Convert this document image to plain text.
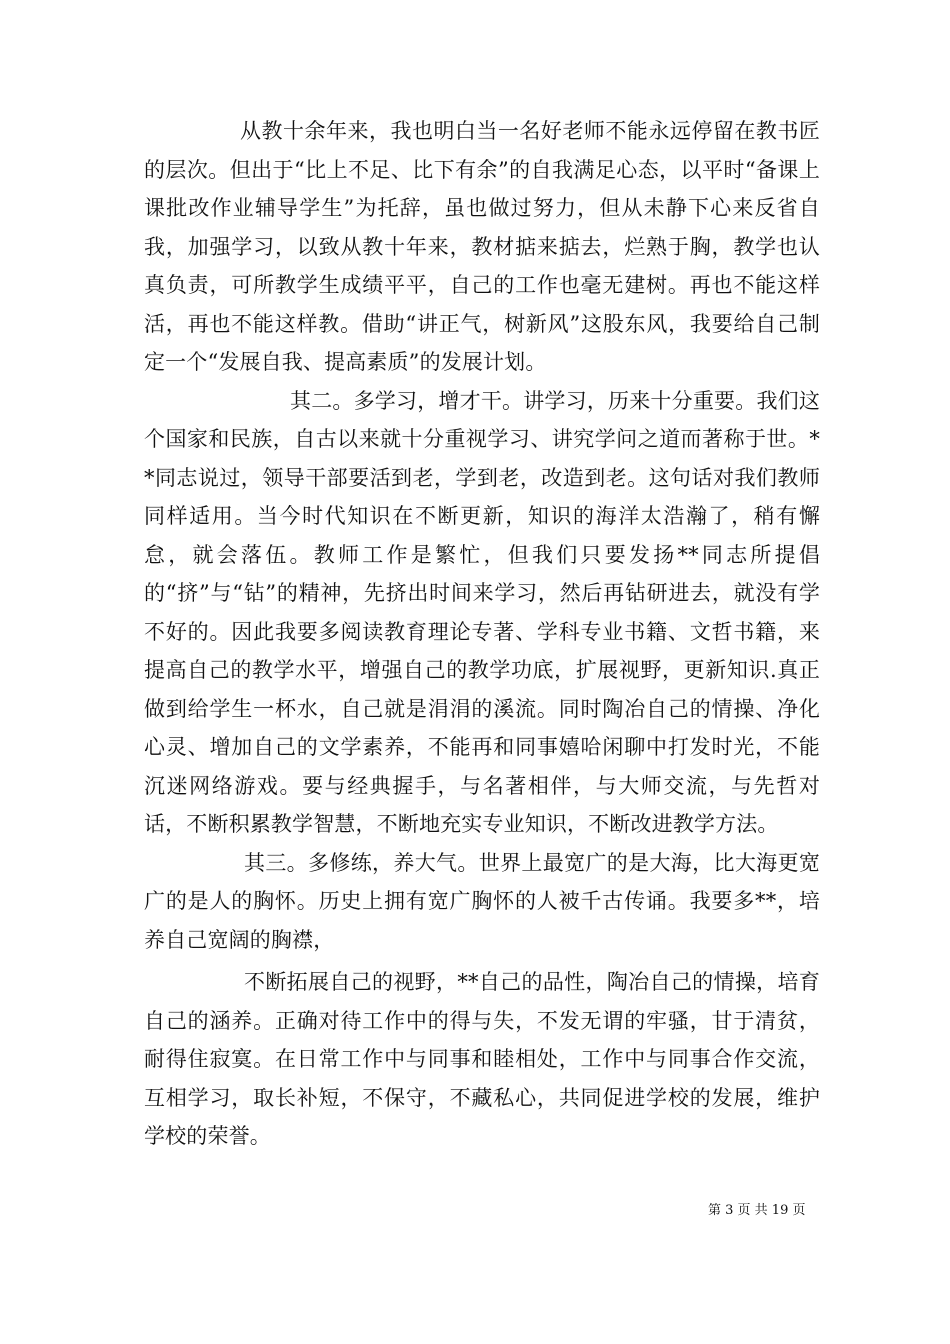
从教十余年来，我也明白当一名好老师不能永远停留在教书匠的层次。但出于“比上不足、比下有余”的自我满足心态，以平时“备课上课批改作业辅导学生”为托辞，虽也做过努力，但从未静下心来反省自我，加强学习，以致从教十年来，教材掂来掂去，烂熟于胸，教学也认真负责，可所教学生成绩平平，自己的工作也毫无建树。再也不能这样活，再也不能这样教。借助“讲正气，树新风”这股东风，我要给自己制定一个“发展自我、提高素质”的发展计划。

其二。多学习，增才干。讲学习，历来十分重要。我们这个国家和民族，自古以来就十分重视学习、讲究学问之道而著称于世。**同志说过，领导干部要活到老，学到老，改造到老。这句话对我们教师同样适用。当今时代知识在不断更新，知识的海洋太浩瀚了，稍有懈怠，就会落伍。教师工作是繁忙，但我们只要发扬**同志所提倡的“挤”与“钻”的精神，先挤出时间来学习，然后再钻研进去，就没有学不好的。因此我要多阅读教育理论专著、学科专业书籍、文哲书籍，来提高自己的教学水平，增强自己的教学功底，扩展视野，更新知识.真正做到给学生一杯水，自己就是涓涓的溪流。同时陶冶自己的情操、净化心灵、增加自己的文学素养，不能再和同事嬉哈闲聊中打发时光，不能沉迷网络游戏。要与经典握手，与名著相伴，与大师交流，与先哲对话，不断积累教学智慧，不断地充实专业知识，不断改进教学方法。

其三。多修练，养大气。世界上最宽广的是大海，比大海更宽广的是人的胸怀。历史上拥有宽广胸怀的人被千古传诵。我要多**，培养自己宽阔的胸襟，

不断拓展自己的视野，**自己的品性，陶冶自己的情操，培育自己的涵养。正确对待工作中的得与失，不发无谓的牢骚，甘于清贫，耐得住寂寞。在日常工作中与同事和睦相处，工作中与同事合作交流，互相学习，取长补短，不保守，不藏私心，共同促进学校的发展，维护学校的荣誉。

第 3 页 共 19 页
